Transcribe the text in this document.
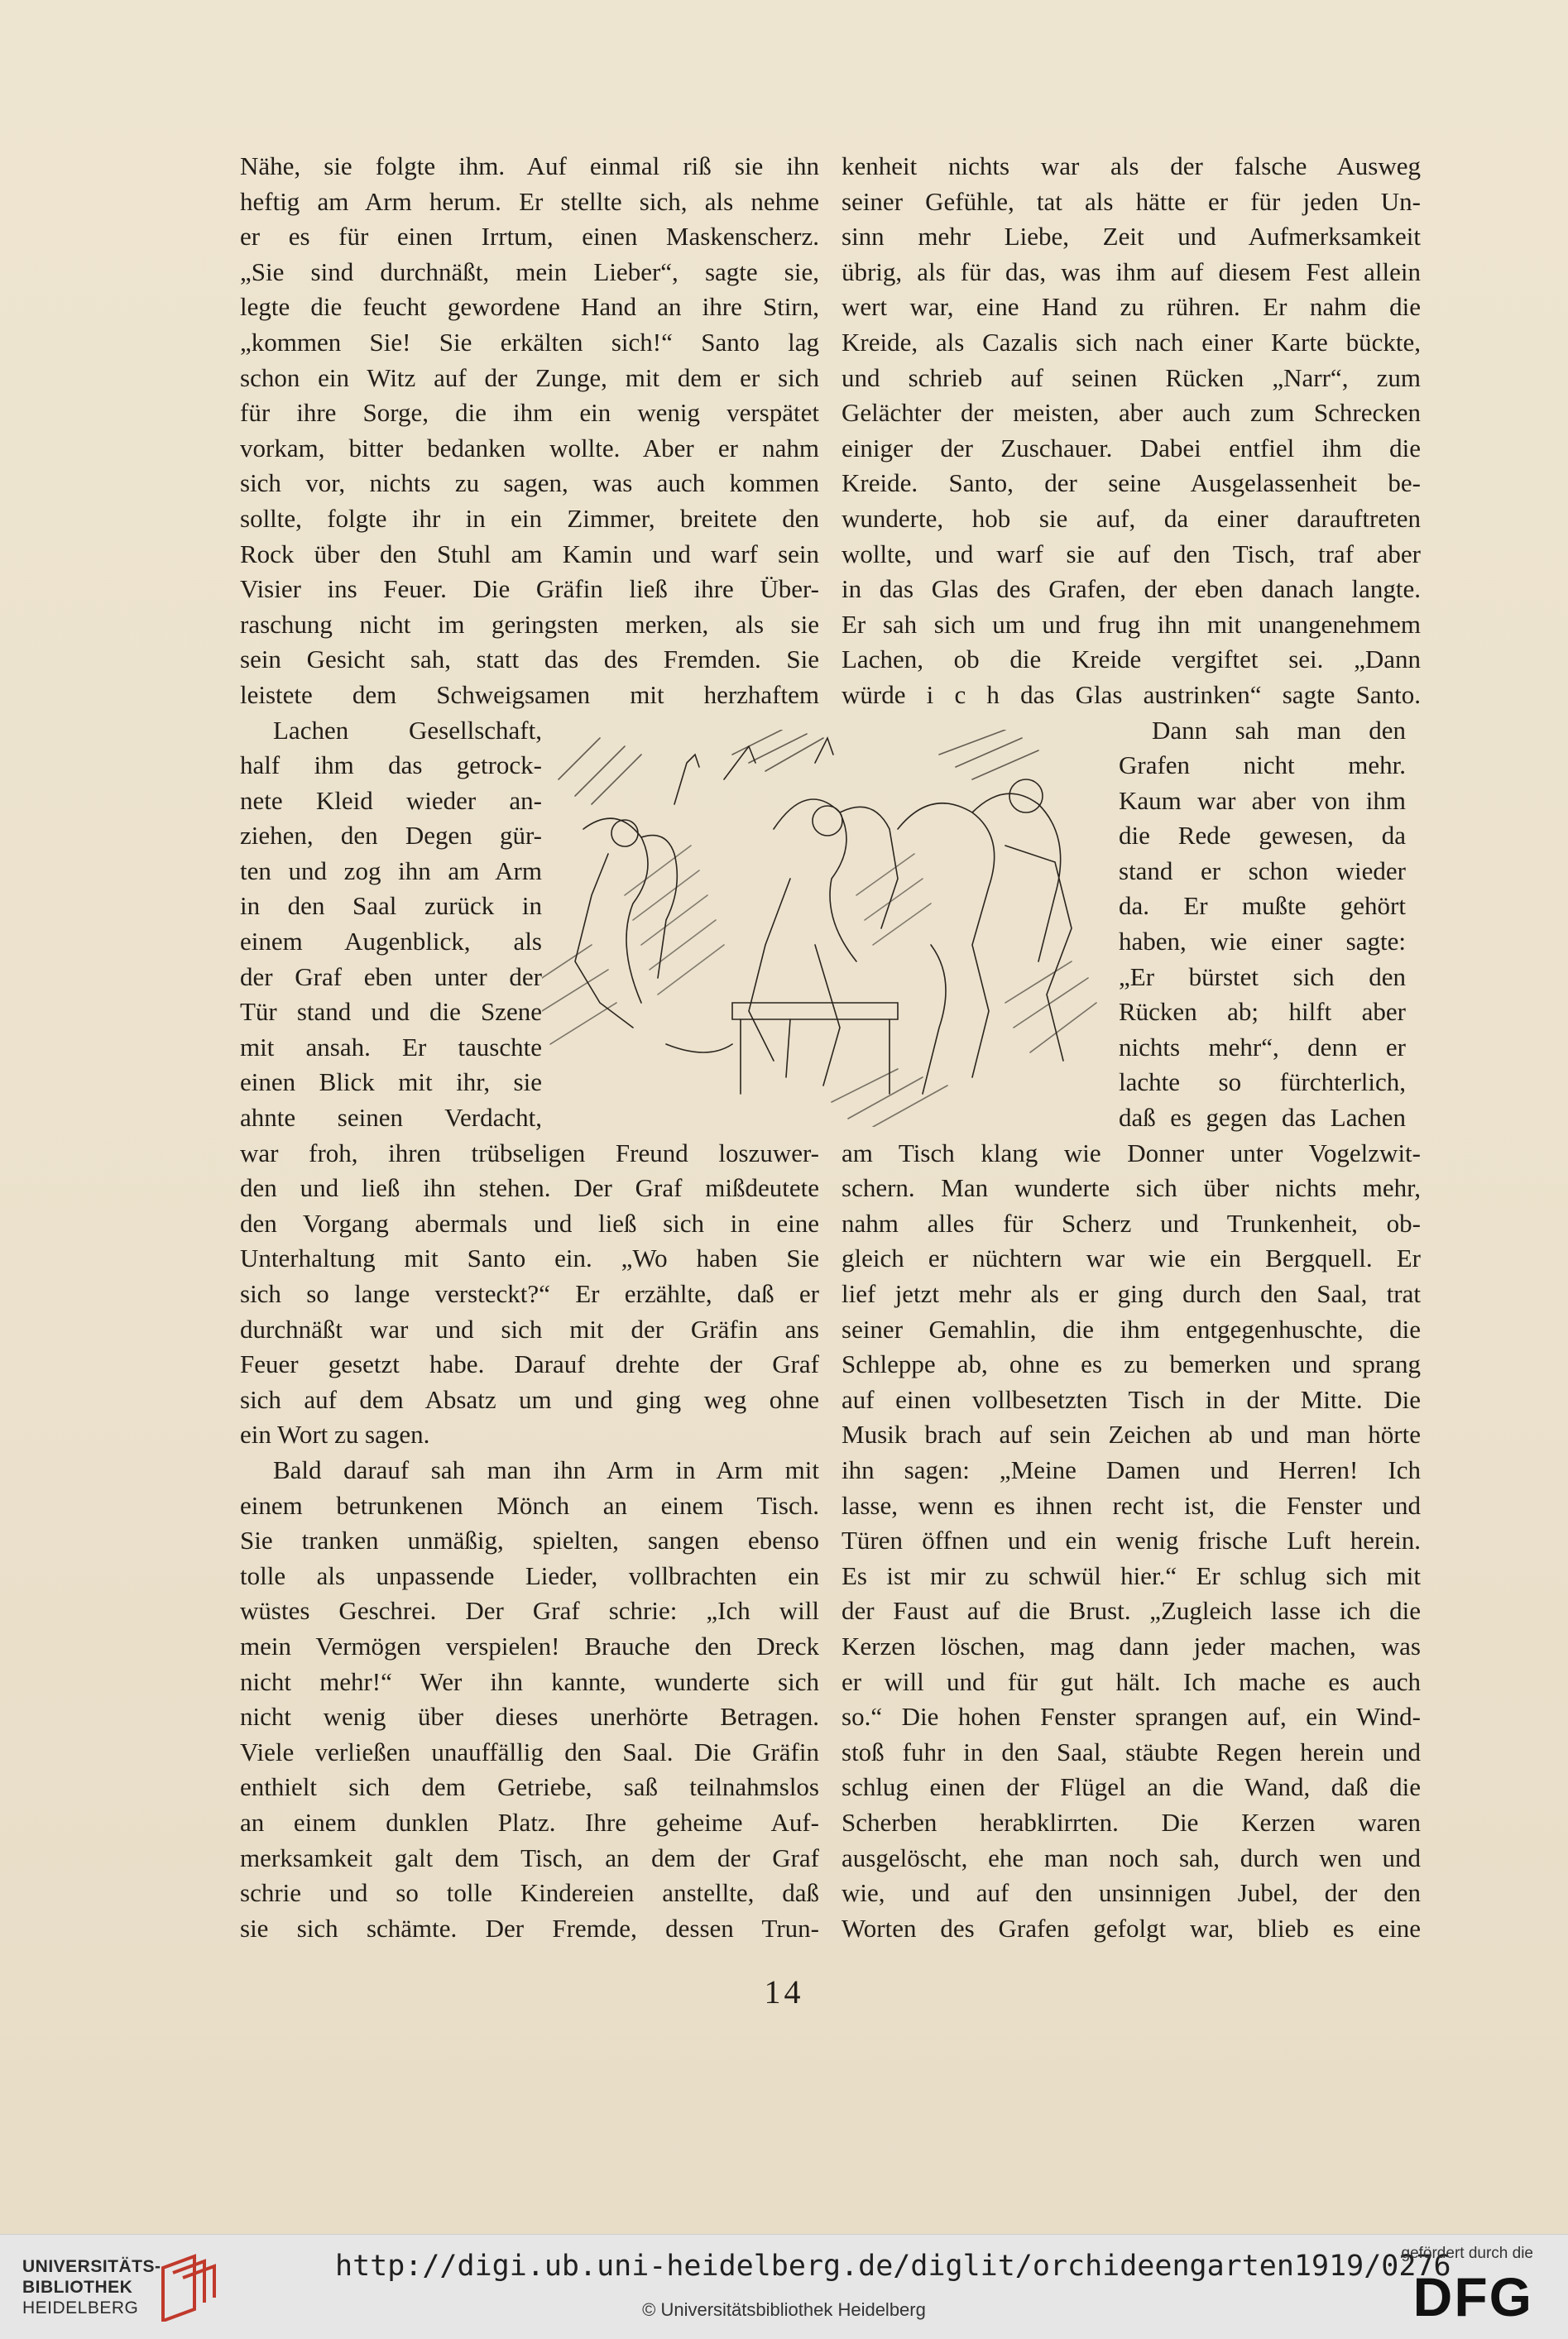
Nähe, sie folgte ihm. Auf einmal riß sie ihn
heftig am Arm herum. Er stellte sich, als nehme
er es für einen Irrtum, einen Maskenscherz.
„Sie sind durchnäßt, mein Lieber“, sagte sie,
legte die feucht gewordene Hand an ihre Stirn,
„kommen Sie! Sie erkälten sich!“ Santo lag
schon ein Witz auf der Zunge, mit dem er sich
für ihre Sorge, die ihm ein wenig verspätet
vorkam, bitter bedanken wollte. Aber er nahm
sich vor, nichts zu sagen, was auch kommen
sollte, folgte ihr in ein Zimmer, breitete den
Rock über den Stuhl am Kamin und warf sein
Visier ins Feuer. Die Gräfin ließ ihre Über-
raschung nicht im geringsten merken, als sie
sein Gesicht sah, statt das des Fremden. Sie
leistete dem Schweigsamen mit herzhaftem
Lachen Gesellschaft,
half ihm das getrock-
nete Kleid wieder an-
ziehen, den Degen gür-
ten und zog ihn am Arm
in den Saal zurück in
einem Augenblick, als
der Graf eben unter der
Tür stand und die Szene
mit ansah. Er tauschte
einen Blick mit ihr, sie
ahnte seinen Verdacht,
war froh, ihren trübseligen Freund loszuwer-
den und ließ ihn stehen. Der Graf mißdeutete
den Vorgang abermals und ließ sich in eine
Unterhaltung mit Santo ein. „Wo haben Sie
sich so lange versteckt?“ Er erzählte, daß er
durchnäßt war und sich mit der Gräfin ans
Feuer gesetzt habe. Darauf drehte der Graf
sich auf dem Absatz um und ging weg ohne
ein Wort zu sagen.
Bald darauf sah man ihn Arm in Arm mit
einem betrunkenen Mönch an einem Tisch.
Sie tranken unmäßig, spielten, sangen ebenso
tolle als unpassende Lieder, vollbrachten ein
wüstes Geschrei. Der Graf schrie: „Ich will
mein Vermögen verspielen! Brauche den Dreck
nicht mehr!“ Wer ihn kannte, wunderte sich
nicht wenig über dieses unerhörte Betragen.
Viele verließen unauffällig den Saal. Die Gräfin
enthielt sich dem Getriebe, saß teilnahmslos
an einem dunklen Platz. Ihre geheime Auf-
merksamkeit galt dem Tisch, an dem der Graf
schrie und so tolle Kindereien anstellte, daß
sie sich schämte. Der Fremde, dessen Trun-
kenheit nichts war als der falsche Ausweg
seiner Gefühle, tat als hätte er für jeden Un-
sinn mehr Liebe, Zeit und Aufmerksamkeit
übrig, als für das, was ihm auf diesem Fest allein
wert war, eine Hand zu rühren. Er nahm die
Kreide, als Cazalis sich nach einer Karte bückte,
und schrieb auf seinen Rücken „Narr“, zum
Gelächter der meisten, aber auch zum Schrecken
einiger der Zuschauer. Dabei entfiel ihm die
Kreide. Santo, der seine Ausgelassenheit be-
wunderte, hob sie auf, da einer darauftreten
wollte, und warf sie auf den Tisch, traf aber
in das Glas des Grafen, der eben danach langte.
Er sah sich um und frug ihn mit unangenehmem
Lachen, ob die Kreide vergiftet sei. „Dann
würde i c h das Glas austrinken“ sagte Santo.
Dann sah man den
Grafen nicht mehr.
Kaum war aber von ihm
die Rede gewesen, da
stand er schon wieder
da. Er mußte gehört
haben, wie einer sagte:
„Er bürstet sich den
Rücken ab; hilft aber
nichts mehr“, denn er
lachte so fürchterlich,
daß es gegen das Lachen
am Tisch klang wie Donner unter Vogelzwit-
schern. Man wunderte sich über nichts mehr,
nahm alles für Scherz und Trunkenheit, ob-
gleich er nüchtern war wie ein Bergquell. Er
lief jetzt mehr als er ging durch den Saal, trat
seiner Gemahlin, die ihm entgegenhuschte, die
Schleppe ab, ohne es zu bemerken und sprang
auf einen vollbesetzten Tisch in der Mitte. Die
Musik brach auf sein Zeichen ab und man hörte
ihn sagen: „Meine Damen und Herren! Ich
lasse, wenn es ihnen recht ist, die Fenster und
Türen öffnen und ein wenig frische Luft herein.
Es ist mir zu schwül hier.“ Er schlug sich mit
der Faust auf die Brust. „Zugleich lasse ich die
Kerzen löschen, mag dann jeder machen, was
er will und für gut hält. Ich mache es auch
so.“ Die hohen Fenster sprangen auf, ein Wind-
stoß fuhr in den Saal, stäubte Regen herein und
schlug einen der Flügel an die Wand, daß die
Scherben herabklirrten. Die Kerzen waren
ausgelöscht, ehe man noch sah, durch wen und
wie, und auf den unsinnigen Jubel, der den
Worten des Grafen gefolgt war, blieb es eine
14
UNIVERSITÄTS-
BIBLIOTHEK
HEIDELBERG
http://digi.ub.uni-heidelberg.de/diglit/orchideengarten1919/0276
© Universitätsbibliothek Heidelberg
gefördert durch die
DFG
